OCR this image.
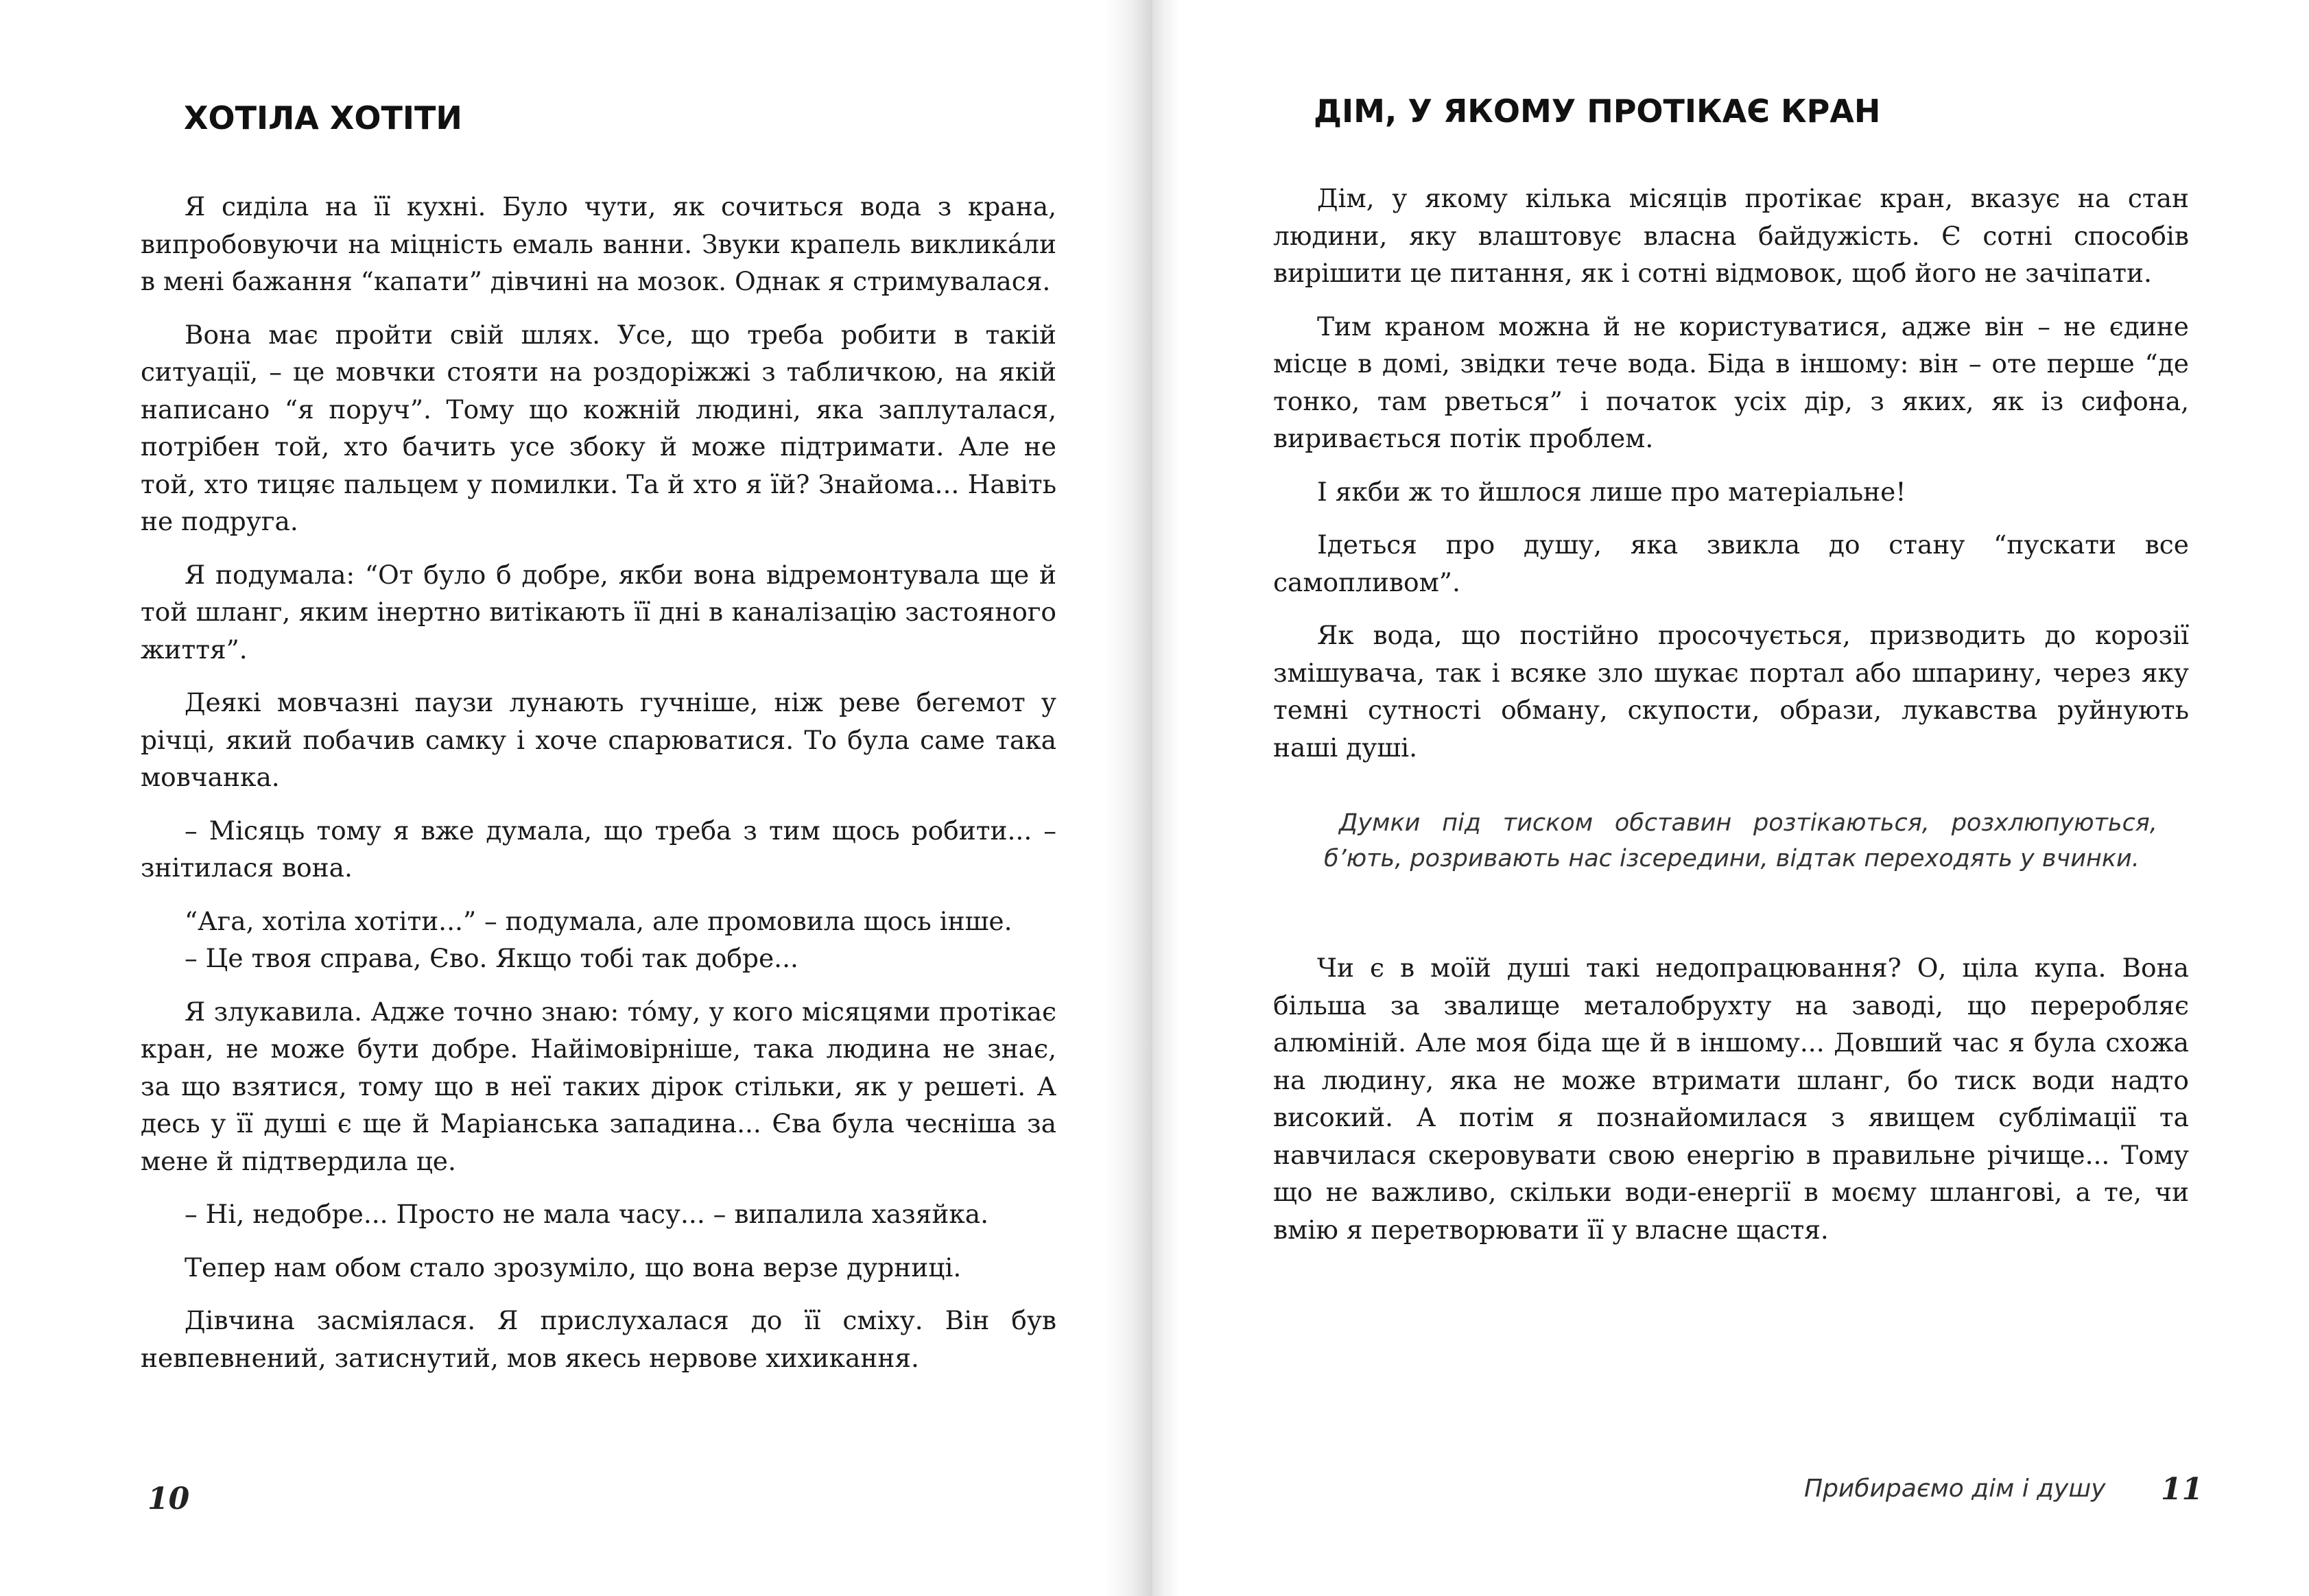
ХОТІЛА ХОТІТИ

Я сиділа на її кухні. Було чути, як сочиться вода з крана, випробовуючи на міцність емаль ванни. Звуки крапель викликáли в мені бажання “капати” дівчині на мозок. Однак я стримувалася.

Вона має пройти свій шлях. Усе, що треба робити в такій ситуації, – це мовчки стояти на роздоріжжі з табличкою, на якій написано “я поруч”. Тому що кожній людині, яка заплуталася, потрібен той, хто бачить усе збоку й може підтримати. Але не той, хто тицяє пальцем у помилки. Та й хто я їй? Знайома... Навіть не подруга.

Я подумала: “От було б добре, якби вона відремонтувала ще й той шланг, яким інертно витікають її дні в каналізацію застояного життя”.

Деякі мовчазні паузи лунають гучніше, ніж реве бегемот у річці, який побачив самку і хоче спарюватися. То була саме така мовчанка.

– Місяць тому я вже думала, що треба з тим щось робити... – знітилася вона.

“Ага, хотіла хотіти...” – подумала, але промовила щось інше.

– Це твоя справа, Єво. Якщо тобі так добре...

Я злукавила. Адже точно знаю: тóму, у кого місяцями протікає кран, не може бути добре. Найімовірніше, така людина не знає, за що взятися, тому що в неї таких дірок стільки, як у решеті. А десь у її душі є ще й Маріанська западина... Єва була чесніша за мене й підтвердила це.

– Ні, недобре... Просто не мала часу... – випалила хазяйка.

Тепер нам обом стало зрозуміло, що вона верзе дурниці.

Дівчина засміялася. Я прислухалася до її сміху. Він був невпевнений, затиснутий, мов якесь нервове хихикання.

10
ДІМ, У ЯКОМУ ПРОТІКАЄ КРАН

Дім, у якому кілька місяців протікає кран, вказує на стан людини, яку влаштовує власна байдужість. Є сотні способів вирішити це питання, як і сотні відмовок, щоб його не зачіпати.

Тим краном можна й не користуватися, адже він – не єдине місце в домі, звідки тече вода. Біда в іншому: він – оте перше “де тонко, там рветься” і початок усіх дір, з яких, як із сифона, виривається потік проблем.

І якби ж то йшлося лише про матеріальне!

Ідеться про душу, яка звикла до стану “пускати все самопливом”.

Як вода, що постійно просочується, призводить до корозії змішувача, так і всяке зло шукає портал або шпарину, через яку темні сутності обману, скупости, образи, лукавства руйнують наші душі.

Думки під тиском обставин розтікаються, розхлюпуються, б’ють, розривають нас ізсередини, відтак переходять у вчинки.

Чи є в моїй душі такі недопрацювання? О, ціла купа. Вона більша за звалище металобрухту на заводі, що переробляє алюміній. Але моя біда ще й в іншому... Довший час я була схожа на людину, яка не може втримати шланг, бо тиск води надто високий. А потім я познайомилася з явищем сублімації та навчилася скеровувати свою енергію в правильне річище... Тому що не важливо, скільки води-енергії в моєму шлангові, а те, чи вмію я перетворювати її у власне щастя.

Прибираємо дім і душу 11
